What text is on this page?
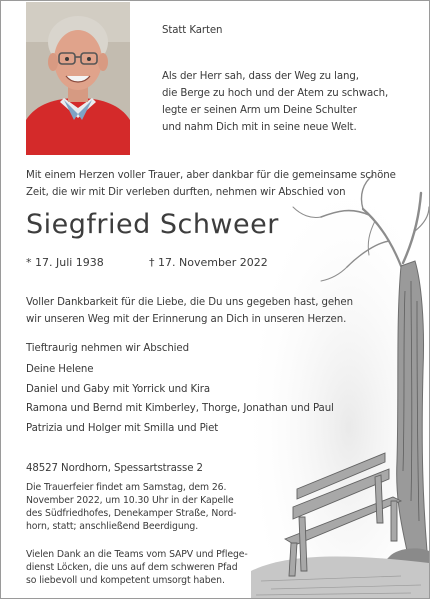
Statt Karten

Als der Herr sah, dass der Weg zu lang,

die Berge zu hoch und der Atem zu schwach,

legte er seinen Arm um Deine Schulter

und nahm Dich mit in seine neue Welt.

Mit einem Herzen voller Trauer, aber dankbar für die gemeinsame schöne

Zeit, die wir mit Dir verleben durften, nehmen wir Abschied von

Siegfried Schweer

* 17. Juli 1938	† 17. November 2022

Voller Dankbarkeit für die Liebe, die Du uns gegeben hast, gehen

wir unseren Weg mit der Erinnerung an Dich in unseren Herzen.

Tieftraurig nehmen wir Abschied

Deine Helene
Daniel und Gaby mit Yorrick und Kira
Ramona und Bernd mit Kimberley, Thorge, Jonathan und Paul
Patrizia und Holger mit Smilla und Piet

48527 Nordhorn, Spessartstrasse 2

Die Trauerfeier findet am Samstag, dem 26.

November 2022, um 10.30 Uhr in der Kapelle

des Südfriedhofes, Denekamper Straße, Nord-

horn, statt; anschließend Beerdigung.

Vielen Dank an die Teams vom SAPV und Pflege-

dienst Löcken, die uns auf dem schweren Pfad

so liebevoll und kompetent umsorgt haben.
